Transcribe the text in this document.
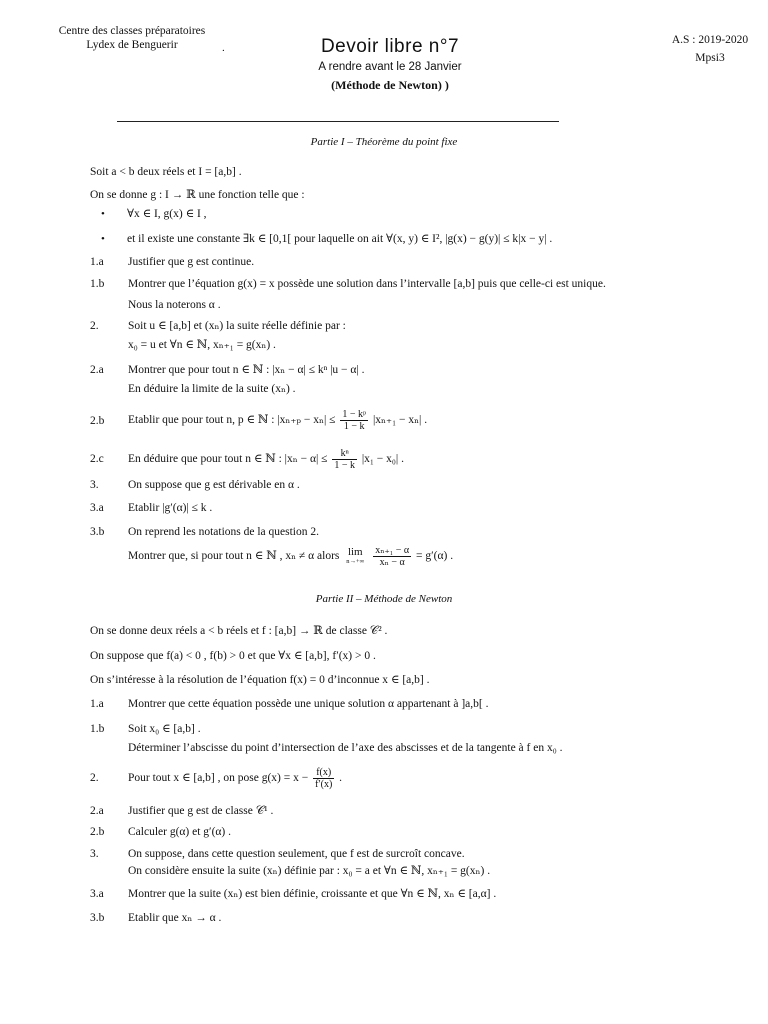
Centre des classes préparatoires
Lydex de Benguerir	.
A.S : 2019-2020
Mpsi3
Devoir libre n°7
A rendre avant le 28 Janvier
(Méthode de Newton) )
Partie I – Théorème du point fixe
Soit a < b deux réels et I = [a,b] .
On se donne g : I → ℝ une fonction telle que :
• ∀x ∈ I, g(x) ∈ I ,
• et il existe une constante ∃k ∈ [0,1[ pour laquelle on ait ∀(x, y) ∈ I², |g(x) − g(y)| ≤ k|x − y| .
1.a	Justifier que g est continue.
1.b	Montrer que l’équation g(x) = x possède une solution dans l’intervalle [a,b] puis que celle-ci est unique.
Nous la noterons α .
2.	Soit u ∈ [a,b] et (xₙ) la suite réelle définie par :
x₀ = u et ∀n ∈ ℕ, xₙ₊₁ = g(xₙ) .
2.a	Montrer que pour tout n ∈ ℕ : |xₙ − α| ≤ kⁿ |u − α| .
En déduire la limite de la suite (xₙ) .
2.b	Etablir que pour tout n, p ∈ ℕ : $|x_{n+p} - x_n| \le \frac{\text{1 − kᵖ}}{1 - k} |x_{n+1} - x_n|$ .
2.c	En déduire que pour tout n ∈ ℕ : $|x_n - \alpha| \le \frac{\text{kⁿ}}{1 - k} |x_1 - x_0|$ .
3.	On suppose que g est dérivable en α .
3.a	Etablir |g′(α)| ≤ k .
3.b	On reprend les notations de la question 2.
Montrer que, si pour tout n ∈ ℕ , xₙ ≠ α alors lim
n→+∞
$\frac{\text{xₙ₊₁ − α}}{\text{xₙ − α}} = g'(\alpha)$ .
Partie II – Méthode de Newton
On se donne deux réels a < b réels et f : [a,b] → ℝ de classe 𝒞² .
On suppose que f(a) < 0 , f(b) > 0 et que ∀x ∈ [a,b], f′(x) > 0 .
On s’intéresse à la résolution de l’équation f(x) = 0 d’inconnue x ∈ [a,b] .
1.a	Montrer que cette équation possède une unique solution α appartenant à ]a,b[ .
1.b	Soit x₀ ∈ [a,b] .
Déterminer l’abscisse du point d’intersection de l’axe des abscisses et de la tangente à f en x₀ .
2.	Pour tout x ∈ [a,b] , on pose $g(x) = x - \frac{f(x)}{f'(x)}$ .
2.a	Justifier que g est de classe 𝒞¹ .
2.b	Calculer g(α) et g′(α) .
3.	On suppose, dans cette question seulement, que f est de surcroît concave.
On considère ensuite la suite (xₙ) définie par : x₀ = a et ∀n ∈ ℕ, xₙ₊₁ = g(xₙ) .
3.a	Montrer que la suite (xₙ) est bien définie, croissante et que ∀n ∈ ℕ, xₙ ∈ [a,α] .
3.b	Etablir que xₙ → α .
